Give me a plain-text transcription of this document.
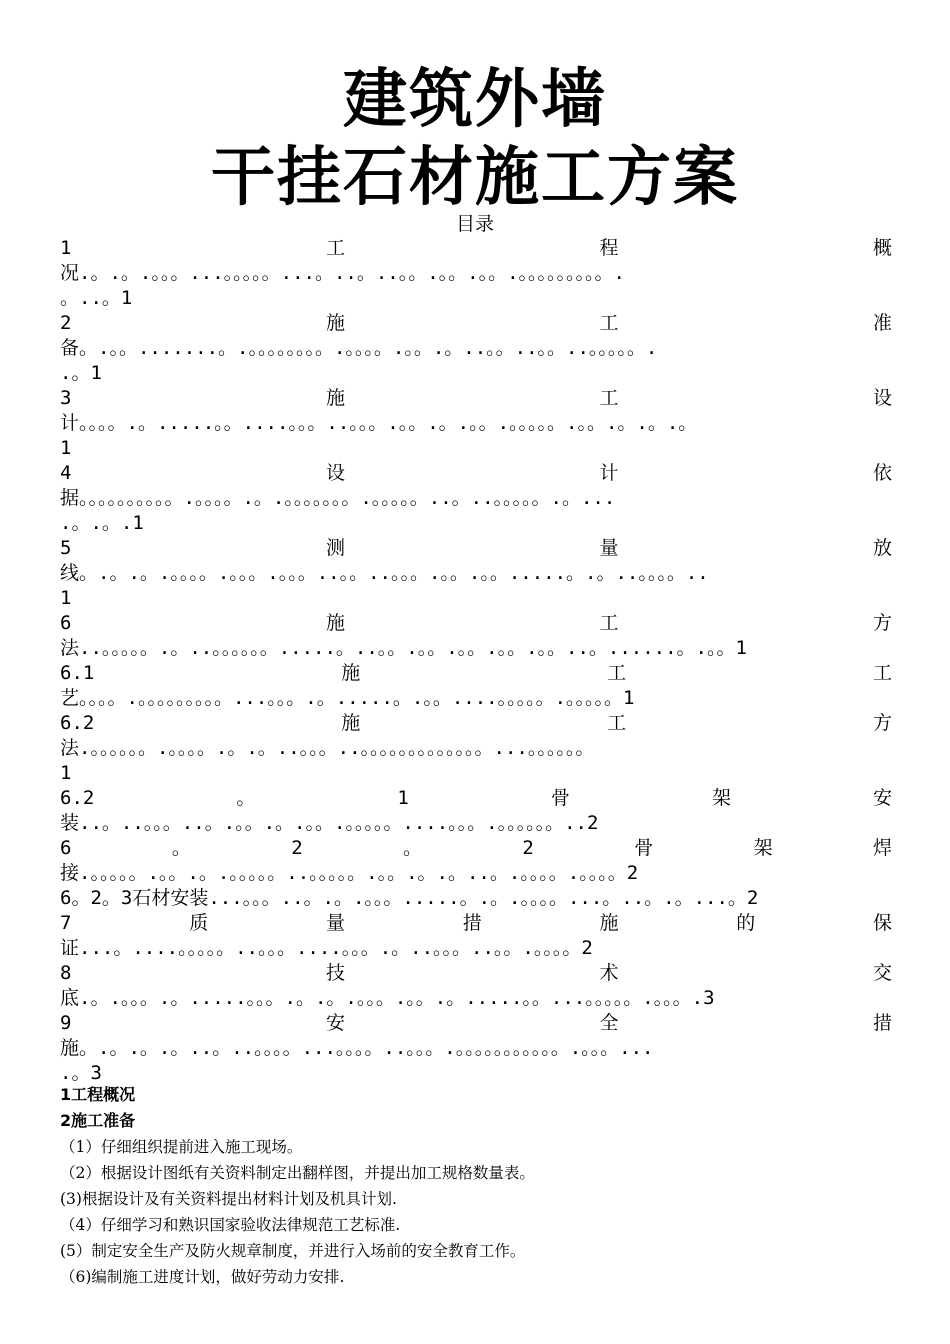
建筑外墙
干挂石材施工方案
目录
1	工	程	概
况.。.。.。。。...。。。。。...。..。..。。.。。.。。.。。。。。。。。。.
。..。1
2	施	工	准
备。.。。.......。.。。。。。。。。.。。。。.。。.。..。。..。。..。。。。。.
.。1
3	施	工	设
计。。。。.。.....。。....。。。..。。。.。。.。.。。.。。。。。.。。.。.。.。
1
4	设	计	依
据。。。。。。。。。。.。。。。.。.。。。。。。。.。。。。。..。..。。。。。.。...
.。.。.1
5	测	量	放
线。.。.。.。。。。.。。。.。。。..。。..。。。.。。.。。.....。.。..。。。。..
1
6	施	工	方
法..。。。。。.。..。。。。。。.....。..。。.。。.。。.。。.。。..。......。.。。1
6.1	施	工	工
艺。。。。.。。。。。。。。。...。。。.。.....。.。。....。。。。。.。。。。。1
6.2	施	工	方
法.。。。。。。.。。。。.。.。..。。。..。。。。。。。。。。。。。...。。。。。。
1
6.2	。	1	骨	架	安
装..。..。。。..。.。。.。.。。.。。。。。....。。。.。。。。。。..2
6	。	2	。	2	骨	架	焊
接.。。。。。.。。.。.。。。。。..。。。。。.。。.。.。..。.。。。。.。。。。2
6。2。3石材安装...。。。..。.。.。。。.....。.。.。。。。...。..。.。...。2
7	质	量	措	施	的	保
证...。....。。。。。..。。。....。。。.。..。。。..。。.。。。。2
8	技	术	交
底.。.。。。.。.....。。。.。.。.。。。.。。.。.....。。...。。。。。.。。。.3
9	安	全	措
施。.。.。.。..。..。。。。...。。。。..。。。.。。。。。。。。。。。.。。。...
.。3
1工程概况
2施工准备
（1）仔细组织提前进入施工现场。
（2）根据设计图纸有关资料制定出翻样图，并提出加工规格数量表。
(3)根据设计及有关资料提出材料计划及机具计划.
（4）仔细学习和熟识国家验收法律规范工艺标准.
(5）制定安全生产及防火规章制度，并进行入场前的安全教育工作。
（6)编制施工进度计划，做好劳动力安排.
